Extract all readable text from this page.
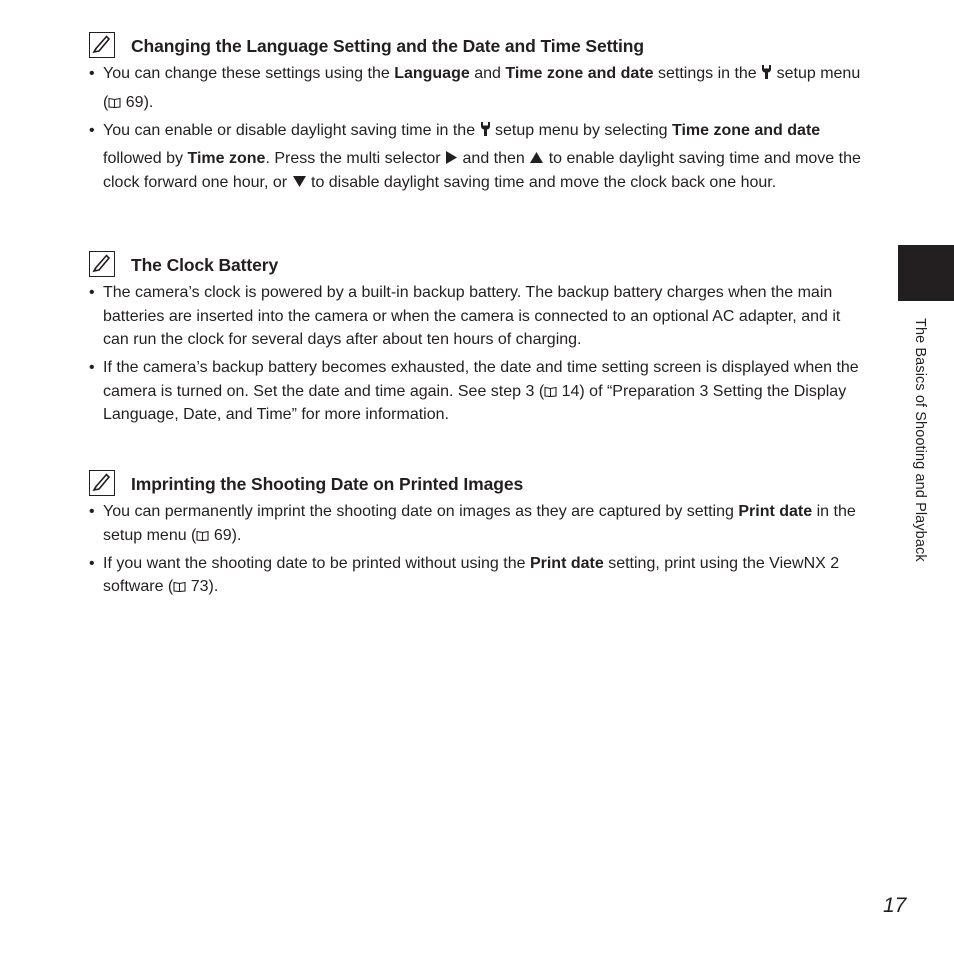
Changing the Language Setting and the Date and Time Setting
• You can change these settings using the Language and Time zone and date settings in the  setup menu ( 69).
• You can enable or disable daylight saving time in the  setup menu by selecting Time zone and date followed by Time zone. Press the multi selector  and then  to enable daylight saving time and move the clock forward one hour, or  to disable daylight saving time and move the clock back one hour.
The Clock Battery
• The camera’s clock is powered by a built-in backup battery. The backup battery charges when the main batteries are inserted into the camera or when the camera is connected to an optional AC adapter, and it can run the clock for several days after about ten hours of charging.
• If the camera’s backup battery becomes exhausted, the date and time setting screen is displayed when the camera is turned on. Set the date and time again. See step 3 ( 14) of “Preparation 3 Setting the Display Language, Date, and Time” for more information.
Imprinting the Shooting Date on Printed Images
• You can permanently imprint the shooting date on images as they are captured by setting Print date in the setup menu ( 69).
• If you want the shooting date to be printed without using the Print date setting, print using the ViewNX 2 software ( 73).
The Basics of Shooting and Playback
17
